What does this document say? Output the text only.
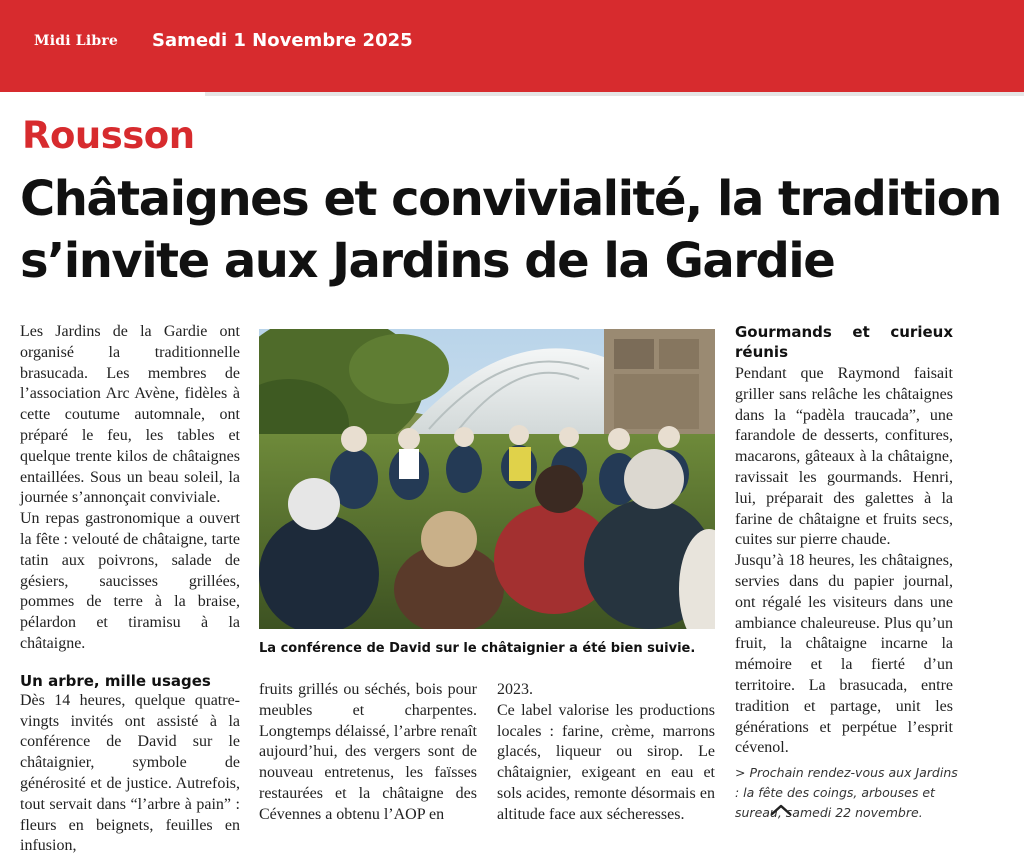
Midi Libre Samedi 1 Novembre 2025
Rousson
Châtaignes et convivialité, la tradition s’invite aux Jardins de la Gardie

Les Jardins de la Gardie ont organisé la traditionnelle brasucada. Les membres de l’association Arc Avène, fidèles à cette coutume automnale, ont préparé le feu, les tables et quelque trente kilos de châtaignes entaillées. Sous un beau soleil, la journée s’annonçait conviviale.

Un repas gastronomique a ouvert la fête : velouté de châtaigne, tarte tatin aux poivrons, salade de gésiers, saucisses grillées, pommes de terre à la braise, pélardon et tiramisu à la châtaigne.

Un arbre, mille usages

Dès 14 heures, quelque quatre-vingts invités ont assisté à la conférence de David sur le châtaignier, symbole de générosité et de justice. Autrefois, tout servait dans “l’arbre à pain” : fleurs en beignets, feuilles en infusion,

La conférence de David sur le châtaignier a été bien suivie.

fruits grillés ou séchés, bois pour meubles et charpentes. Longtemps délaissé, l’arbre renaît aujourd’hui, des vergers sont de nouveau entretenus, les faïsses restaurées et la châtaigne des Cévennes a obtenu l’AOP en

2023.

Ce label valorise les productions locales : farine, crème, marrons glacés, liqueur ou sirop. Le châtaignier, exigeant en eau et sols acides, remonte désormais en altitude face aux sécheresses.

Gourmands et curieux réunis

Pendant que Raymond faisait griller sans relâche les châtaignes dans la “padèla traucada”, une farandole de desserts, confitures, macarons, gâteaux à la châtaigne, ravissait les gourmands. Henri, lui, préparait des galettes à la farine de châtaigne et fruits secs, cuites sur pierre chaude.

Jusqu’à 18 heures, les châtaignes, servies dans du papier journal, ont régalé les visiteurs dans une ambiance chaleureuse. Plus qu’un fruit, la châtaigne incarne la mémoire et la fierté d’un territoire. La brasucada, entre tradition et partage, unit les générations et perpétue l’esprit cévenol.

> Prochain rendez-vous aux Jardins : la fête des coings, arbouses et sureau, samedi 22 novembre.
